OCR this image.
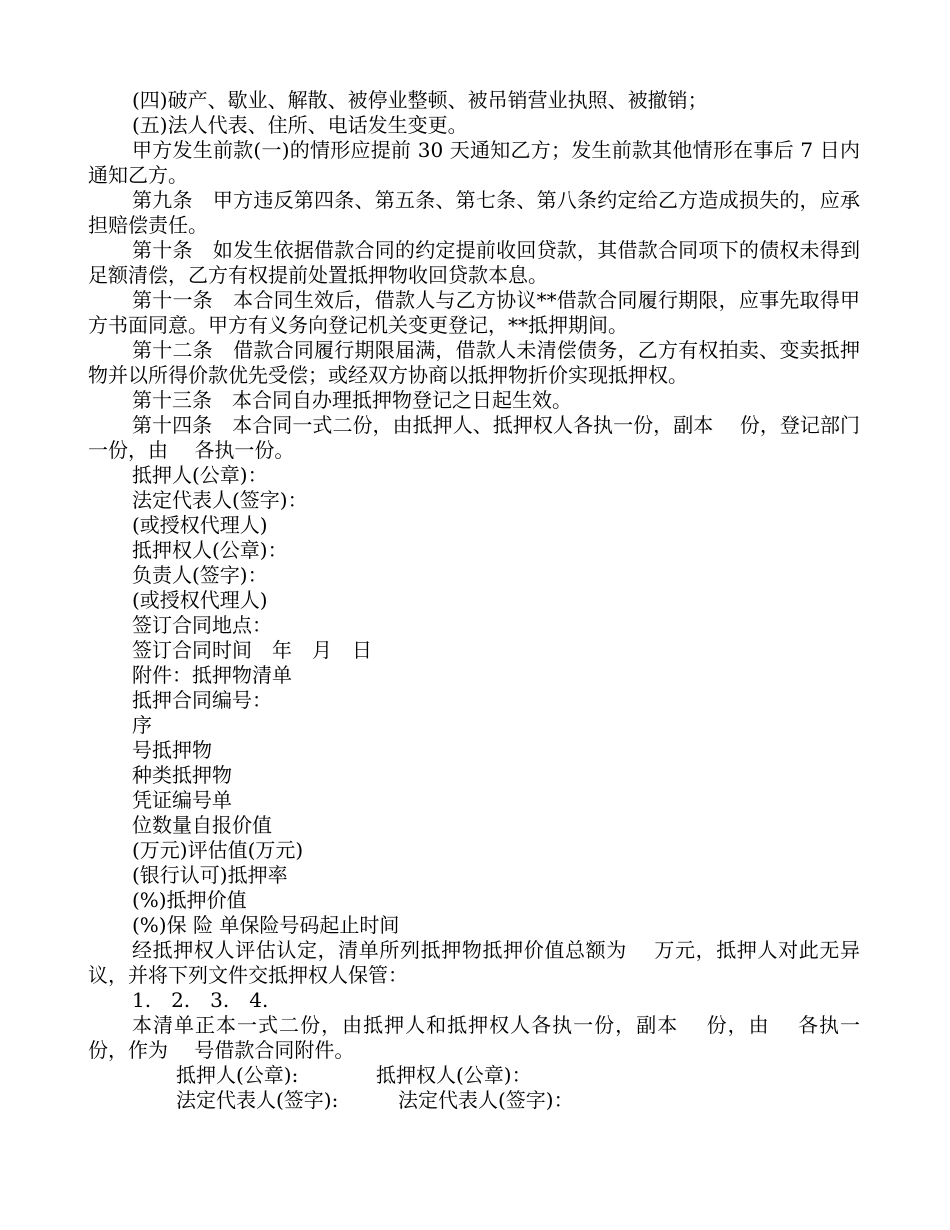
(四)破产、歇业、解散、被停业整顿、被吊销营业执照、被撤销；

(五)法人代表、住所、电话发生变更。

甲方发生前款(一)的情形应提前 30 天通知乙方；发生前款其他情形在事后 7 日内通知乙方。

第九条　甲方违反第四条、第五条、第七条、第八条约定给乙方造成损失的，应承担赔偿责任。

第十条　如发生依据借款合同的约定提前收回贷款，其借款合同项下的债权未得到足额清偿，乙方有权提前处置抵押物收回贷款本息。

第十一条　本合同生效后，借款人与乙方协议**借款合同履行期限，应事先取得甲方书面同意。甲方有义务向登记机关变更登记，**抵押期间。

第十二条　借款合同履行期限届满，借款人未清偿债务，乙方有权拍卖、变卖抵押物并以所得价款优先受偿；或经双方协商以抵押物折价实现抵押权。

第十三条　本合同自办理抵押物登记之日起生效。

第十四条　本合同一式二份，由抵押人、抵押权人各执一份，副本　 份，登记部门一份，由　 各执一份。

抵押人(公章)：

法定代表人(签字)：

(或授权代理人)

抵押权人(公章)：

负责人(签字)：

(或授权代理人)

签订合同地点：

签订合同时间　年　月　日

附件：抵押物清单

抵押合同编号：

序

号抵押物

种类抵押物

凭证编号单

位数量自报价值

(万元)评估值(万元)

(银行认可)抵押率

(%)抵押价值

(%)保 险 单保险号码起止时间

经抵押权人评估认定，清单所列抵押物抵押价值总额为　 万元，抵押人对此无异议，并将下列文件交抵押权人保管：

1.　2.　3.　4.

本清单正本一式二份，由抵押人和抵押权人各执一份，副本　 份，由　 各执一份，作为　 号借款合同附件。

抵押人(公章):	抵押权人(公章)：

法定代表人(签字):	法定代表人(签字)：
